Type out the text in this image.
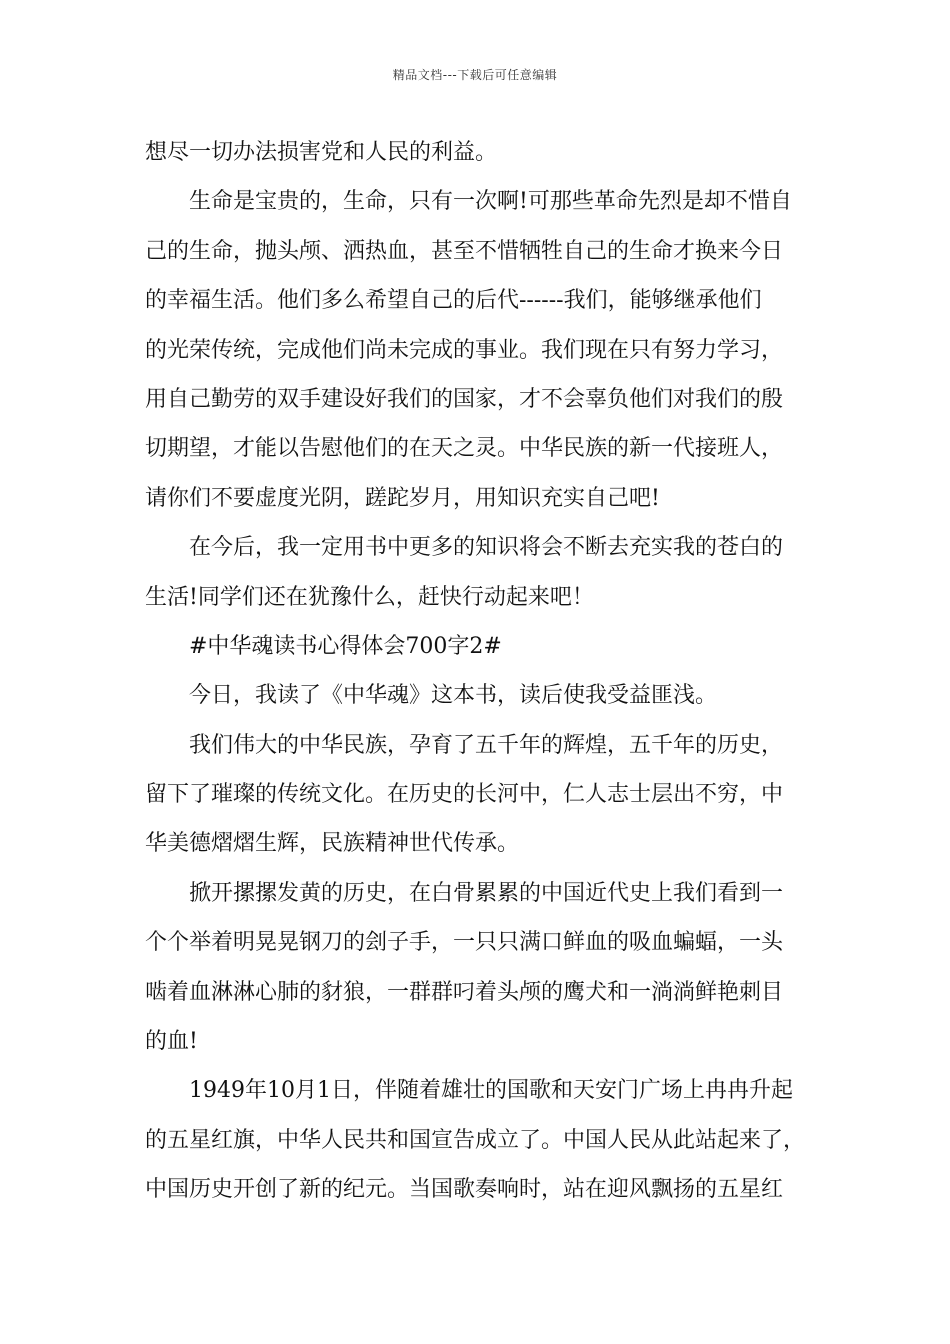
精品文档---下载后可任意编辑
想尽一切办法损害党和人民的利益。
生命是宝贵的，生命，只有一次啊!可那些革命先烈是却不惜自
己的生命，抛头颅、洒热血，甚至不惜牺牲自己的生命才换来今日
的幸福生活。他们多么希望自己的后代------我们，能够继承他们
的光荣传统，完成他们尚未完成的事业。我们现在只有努力学习，
用自己勤劳的双手建设好我们的国家，才不会辜负他们对我们的殷
切期望，才能以告慰他们的在天之灵。中华民族的新一代接班人，
请你们不要虚度光阴，蹉跎岁月，用知识充实自己吧!
在今后，我一定用书中更多的知识将会不断去充实我的苍白的
生活!同学们还在犹豫什么，赶快行动起来吧！
#中华魂读书心得体会700字2#
今日，我读了《中华魂》这本书，读后使我受益匪浅。
我们伟大的中华民族，孕育了五千年的辉煌，五千年的历史，
留下了璀璨的传统文化。在历史的长河中，仁人志士层出不穷，中
华美德熠熠生辉，民族精神世代传承。
掀开摞摞发黄的历史，在白骨累累的中国近代史上我们看到一
个个举着明晃晃钢刀的刽子手，一只只满口鲜血的吸血蝙蝠，一头
啮着血淋淋心肺的豺狼，一群群叼着头颅的鹰犬和一淌淌鲜艳刺目
的血!
1949年10月1日，伴随着雄壮的国歌和天安门广场上冉冉升起
的五星红旗，中华人民共和国宣告成立了。中国人民从此站起来了，
中国历史开创了新的纪元。当国歌奏响时，站在迎风飘扬的五星红
